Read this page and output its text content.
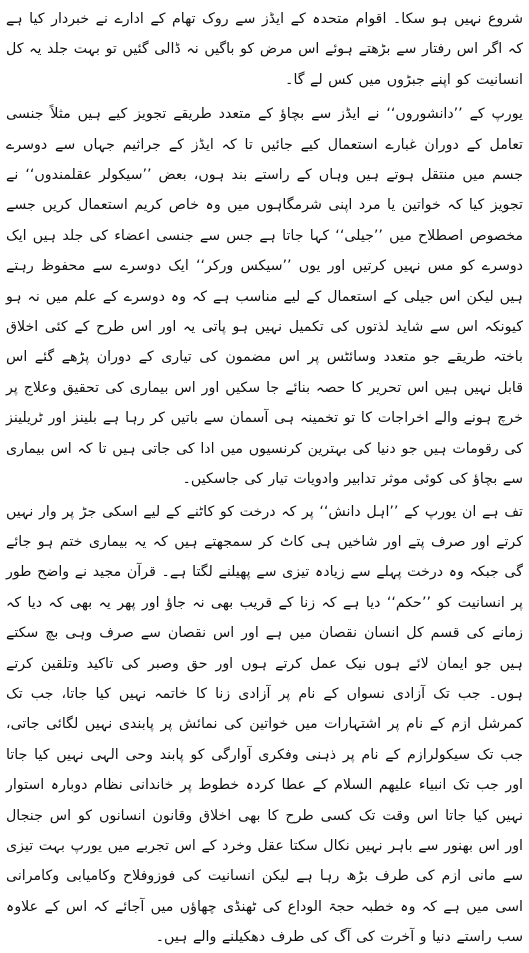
شروع نہیں ہو سکا۔ اقوام متحدہ کے ایڈز سے روک تھام کے ادارے نے خبردار کیا ہے کہ اگر اس رفتار سے بڑھتے ہوئے اس مرض کو باگیں نہ ڈالی گئیں تو بہت جلد یہ کل انسانیت کو اپنے جبڑوں میں کس لے گا۔

یورپ کے ’’دانشوروں‘‘ نے ایڈز سے بچاؤ کے متعدد طریقے تجویز کیے ہیں مثلاً جنسی تعامل کے دوران غبارے استعمال کیے جائیں تا کہ ایڈز کے جراثیم جہاں سے دوسرے جسم میں منتقل ہوتے ہیں وہاں کے راستے بند ہوں، بعض ’’سیکولر عقلمندوں‘‘ نے تجویز کیا کہ خواتین یا مرد اپنی شرمگاہوں میں وہ خاص کریم استعمال کریں جسے مخصوص اصطلاح میں ’’جیلی‘‘ کہا جاتا ہے جس سے جنسی اعضاء کی جلد ہیں ایک دوسرے کو مس نہیں کرتیں اور یوں ’’سیکس ورکر‘‘ ایک دوسرے سے محفوظ رہتے ہیں لیکن اس جیلی کے استعمال کے لیے مناسب ہے کہ وہ دوسرے کے علم میں نہ ہو کیونکہ اس سے شاید لذتوں کی تکمیل نہیں ہو پاتی یہ اور اس طرح کے کئی اخلاق باختہ طریقے جو متعدد وسائٹس پر اس مضمون کی تیاری کے دوران پڑھے گئے اس قابل نہیں ہیں اس تحریر کا حصہ بنائے جا سکیں اور اس بیماری کی تحقیق وعلاج پر خرچ ہونے والے اخراجات کا تو تخمینہ ہی آسمان سے باتیں کر رہا ہے بلینز اور ٹریلینز کی رقومات ہیں جو دنیا کی بہترین کرنسیوں میں ادا کی جاتی ہیں تا کہ اس بیماری سے بچاؤ کی کوئی موثر تدابیر وادویات تیار کی جاسکیں۔

تف ہے ان یورپ کے ’’اہل دانش‘‘ پر کہ درخت کو کاٹنے کے لیے اسکی جڑ پر وار نہیں کرتے اور صرف پتے اور شاخیں ہی کاٹ کر سمجھتے ہیں کہ یہ بیماری ختم ہو جائے گی جبکہ وہ درخت پہلے سے زیادہ تیزی سے پھیلنے لگتا ہے۔ قرآن مجید نے واضح طور پر انسانیت کو ’’حکم‘‘ دیا ہے کہ زنا کے قریب بھی نہ جاؤ اور پھر یہ بھی کہ دیا کہ زمانے کی قسم کل انسان نقصان میں ہے اور اس نقصان سے صرف وہی بچ سکتے ہیں جو ایمان لائے ہوں نیک عمل کرتے ہوں اور حق وصبر کی تاکید وتلقین کرتے ہوں۔ جب تک آزادی نسواں کے نام پر آزادی زنا کا خاتمہ نہیں کیا جاتا، جب تک کمرشل ازم کے نام پر اشتہارات میں خواتین کی نمائش پر پابندی نہیں لگائی جاتی، جب تک سیکولرازم کے نام پر ذہنی وفکری آوارگی کو پابند وحی الہی نہیں کیا جاتا اور جب تک انبیاء علیھم السلام کے عطا کردہ خطوط پر خاندانی نظام دوبارہ استوار نہیں کیا جاتا اس وقت تک کسی طرح کا بھی اخلاق وقانون انسانوں کو اس جنجال اور اس بھنور سے باہر نہیں نکال سکتا عقل وخرد کے اس تجربے میں یورپ بہت تیزی سے مانی ازم کی طرف بڑھ رہا ہے لیکن انسانیت کی فوزوفلاح وکامیابی وکامرانی اسی میں ہے کہ وہ خطبہ حجۃ الوداع کی ٹھنڈی چھاؤں میں آجائے کہ اس کے علاوہ سب راستے دنیا و آخرت کی آگ کی طرف دھکیلنے والے ہیں۔
